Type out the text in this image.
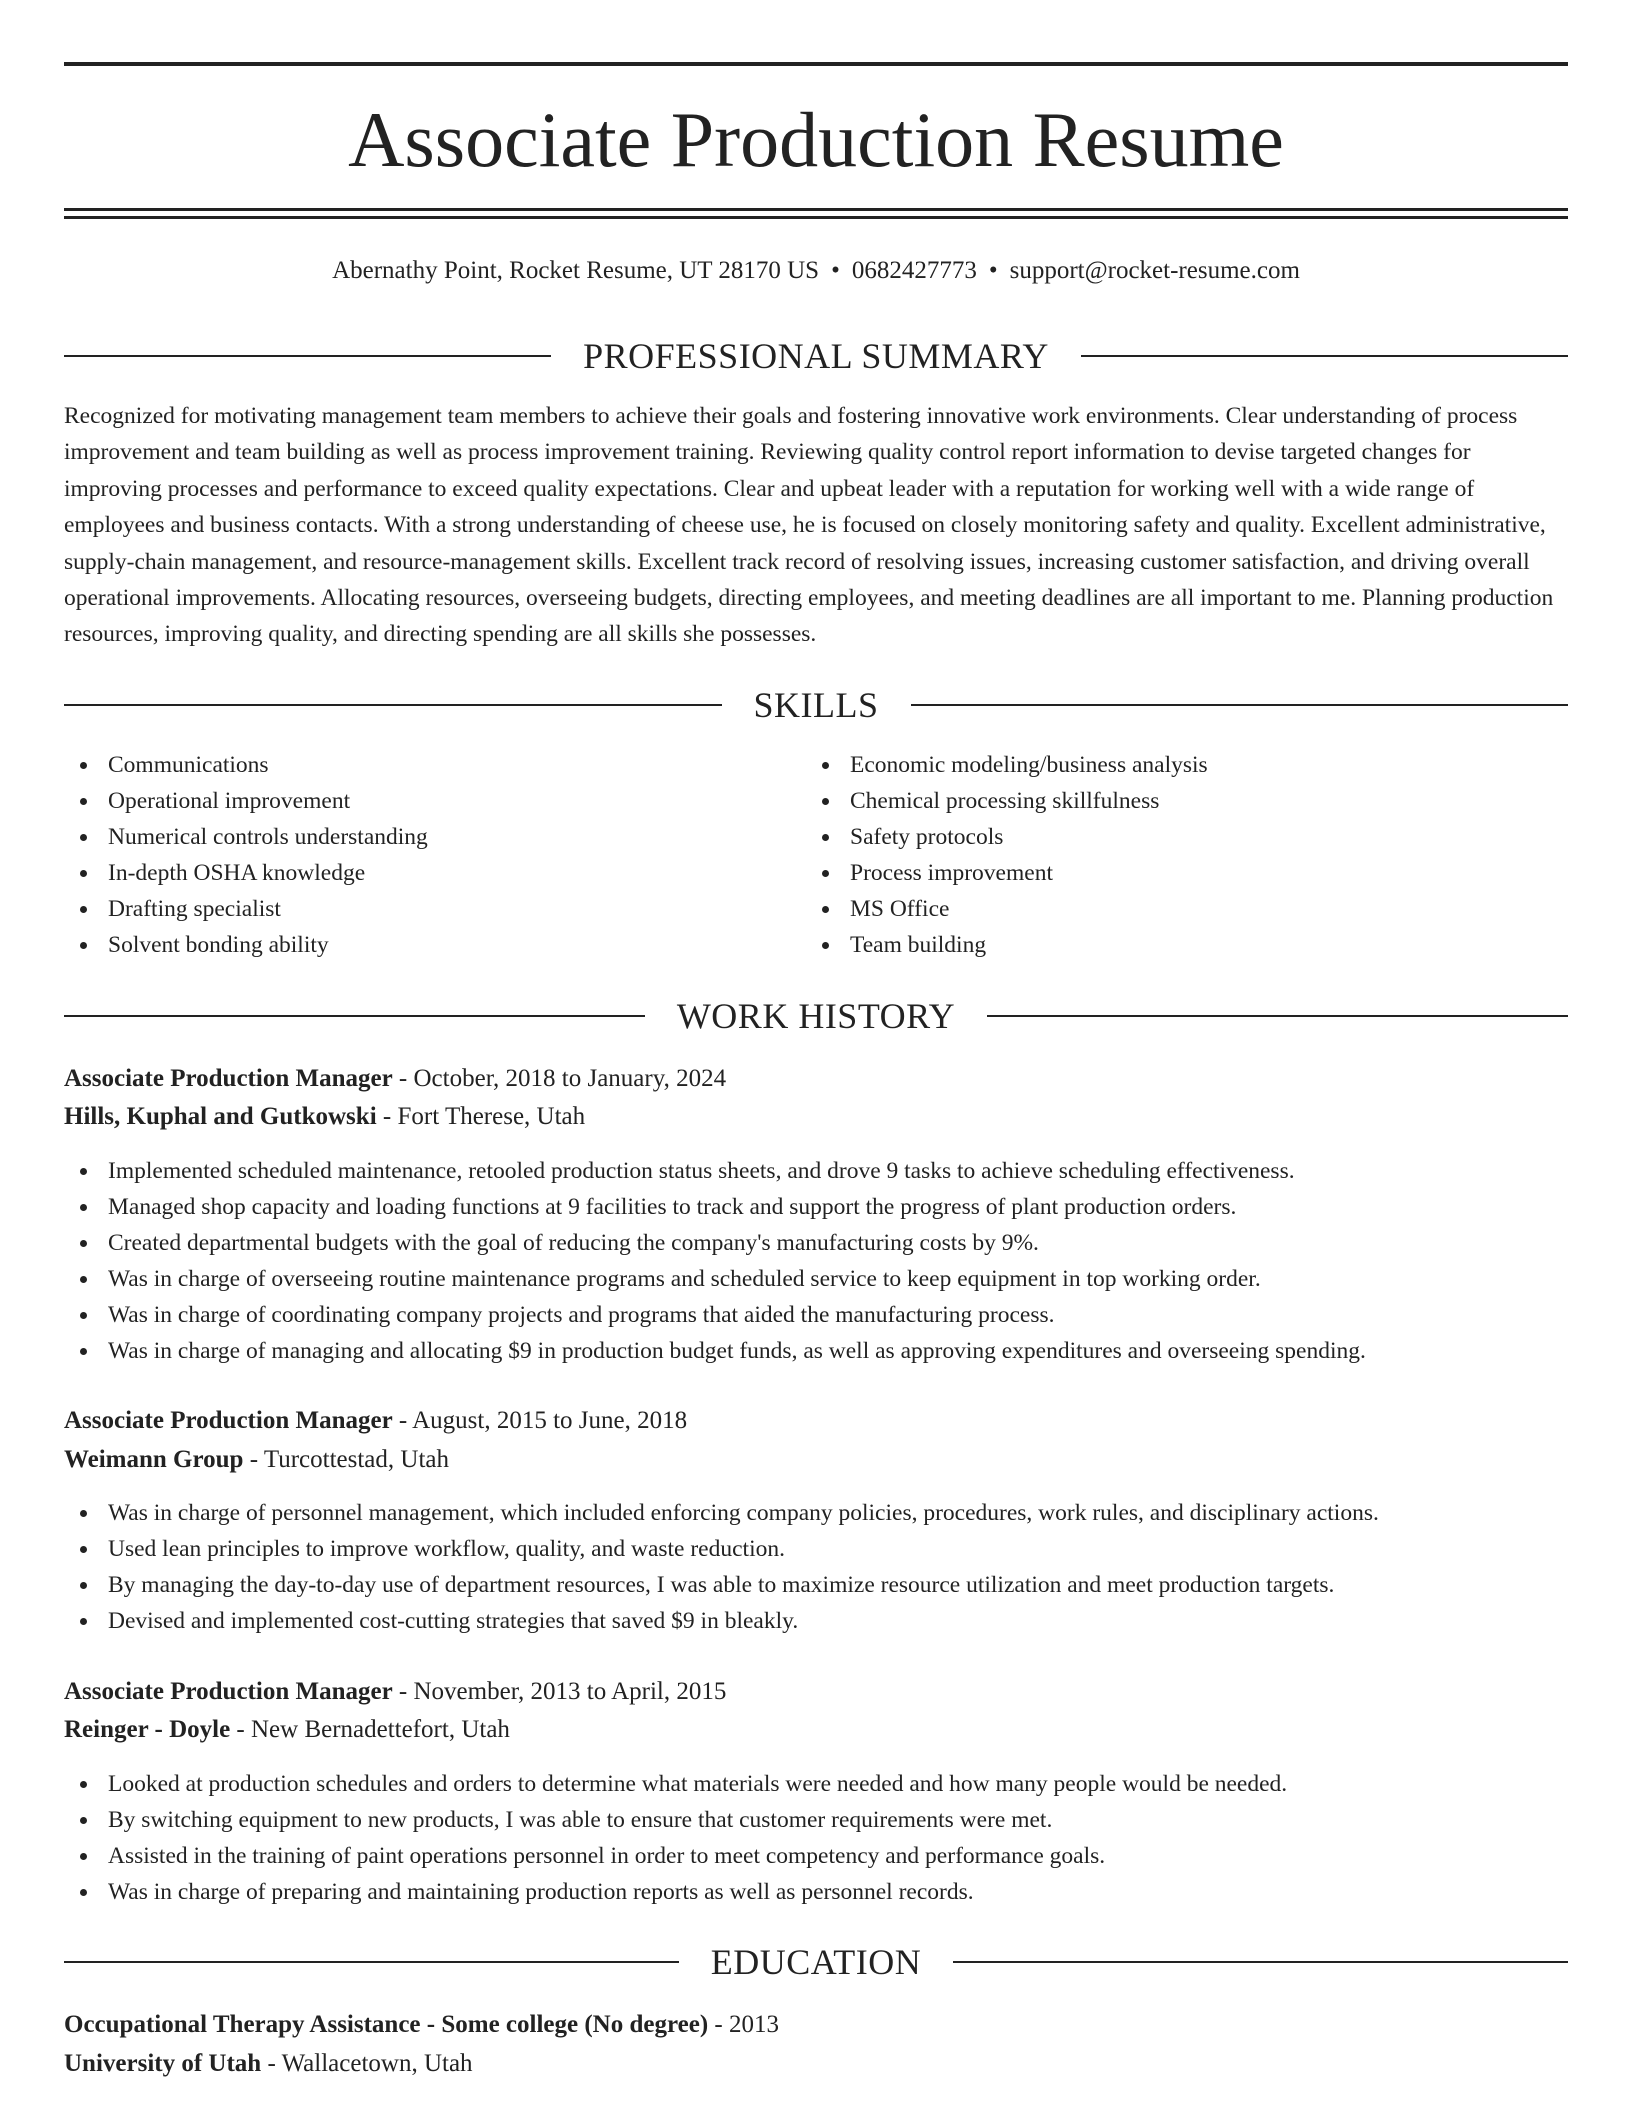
Associate Production Resume
Abernathy Point, Rocket Resume, UT 28170 US • 0682427773 • support@rocket-resume.com
PROFESSIONAL SUMMARY

Recognized for motivating management team members to achieve their goals and fostering innovative work environments. Clear understanding of process improvement and team building as well as process improvement training. Reviewing quality control report information to devise targeted changes for improving processes and performance to exceed quality expectations. Clear and upbeat leader with a reputation for working well with a wide range of employees and business contacts. With a strong understanding of cheese use, he is focused on closely monitoring safety and quality. Excellent administrative, supply-chain management, and resource-management skills. Excellent track record of resolving issues, increasing customer satisfaction, and driving overall operational improvements. Allocating resources, overseeing budgets, directing employees, and meeting deadlines are all important to me. Planning production resources, improving quality, and directing spending are all skills she possesses.

SKILLS
Communications
Operational improvement
Numerical controls understanding
In-depth OSHA knowledge
Drafting specialist
Solvent bonding ability
Economic modeling/business analysis
Chemical processing skillfulness
Safety protocols
Process improvement
MS Office
Team building
WORK HISTORY
Associate Production Manager - October, 2018 to January, 2024
Hills, Kuphal and Gutkowski - Fort Therese, Utah
Implemented scheduled maintenance, retooled production status sheets, and drove 9 tasks to achieve scheduling effectiveness.
Managed shop capacity and loading functions at 9 facilities to track and support the progress of plant production orders.
Created departmental budgets with the goal of reducing the company's manufacturing costs by 9%.
Was in charge of overseeing routine maintenance programs and scheduled service to keep equipment in top working order.
Was in charge of coordinating company projects and programs that aided the manufacturing process.
Was in charge of managing and allocating $9 in production budget funds, as well as approving expenditures and overseeing spending.
Associate Production Manager - August, 2015 to June, 2018
Weimann Group - Turcottestad, Utah
Was in charge of personnel management, which included enforcing company policies, procedures, work rules, and disciplinary actions.
Used lean principles to improve workflow, quality, and waste reduction.
By managing the day-to-day use of department resources, I was able to maximize resource utilization and meet production targets.
Devised and implemented cost-cutting strategies that saved $9 in bleakly.
Associate Production Manager - November, 2013 to April, 2015
Reinger - Doyle - New Bernadettefort, Utah
Looked at production schedules and orders to determine what materials were needed and how many people would be needed.
By switching equipment to new products, I was able to ensure that customer requirements were met.
Assisted in the training of paint operations personnel in order to meet competency and performance goals.
Was in charge of preparing and maintaining production reports as well as personnel records.
EDUCATION
Occupational Therapy Assistance - Some college (No degree) - 2013
University of Utah - Wallacetown, Utah
